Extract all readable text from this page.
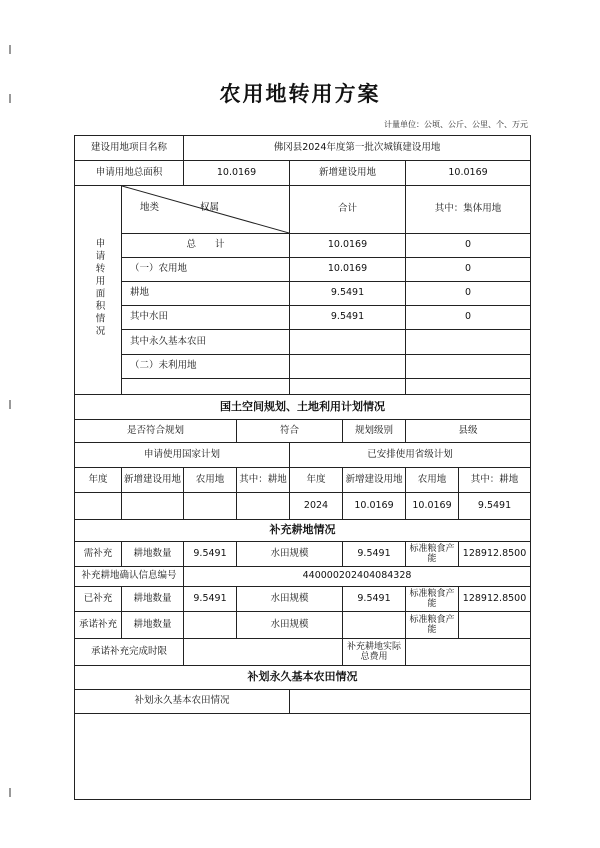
农用地转用方案
计量单位：公顷、公斤、公里、个、万元
建设用地项目名称		佛冈县2024年度第一批次城镇建设用地					
申请用地总面积		10.0169		新增建设用地		10.0169	
申请转用面积情况	地类 权属			合计		其中：集体用地	
	总　　计			10.0169		0	
	（一）农用地			10.0169		0	
	耕地			9.5491		0	
	其中水田			9.5491		0	
	其中永久基本农田						
	（二）未利用地						

国土空间规划、土地利用计划情况							
是否符合规划			符合		规划级别	县级	
申请使用国家计划				已安排使用省级计划			
年度	新增建设用地	农用地	其中：耕地	年度	新增建设用地	农用地	其中：耕地
				2024	10.0169	10.0169	9.5491
补充耕地情况							
需补充	耕地数量	9.5491	水田规模		9.5491	标准粮食产能	128912.8500
补充耕地确认信息编号		440000202404084328					
已补充	耕地数量	9.5491	水田规模		9.5491	标准粮食产能	128912.8500
承诺补充	耕地数量		水田规模			标准粮食产能	
承诺补充完成时限					补充耕地实际总费用		
补划永久基本农田情况							
补划永久基本农田情况							
